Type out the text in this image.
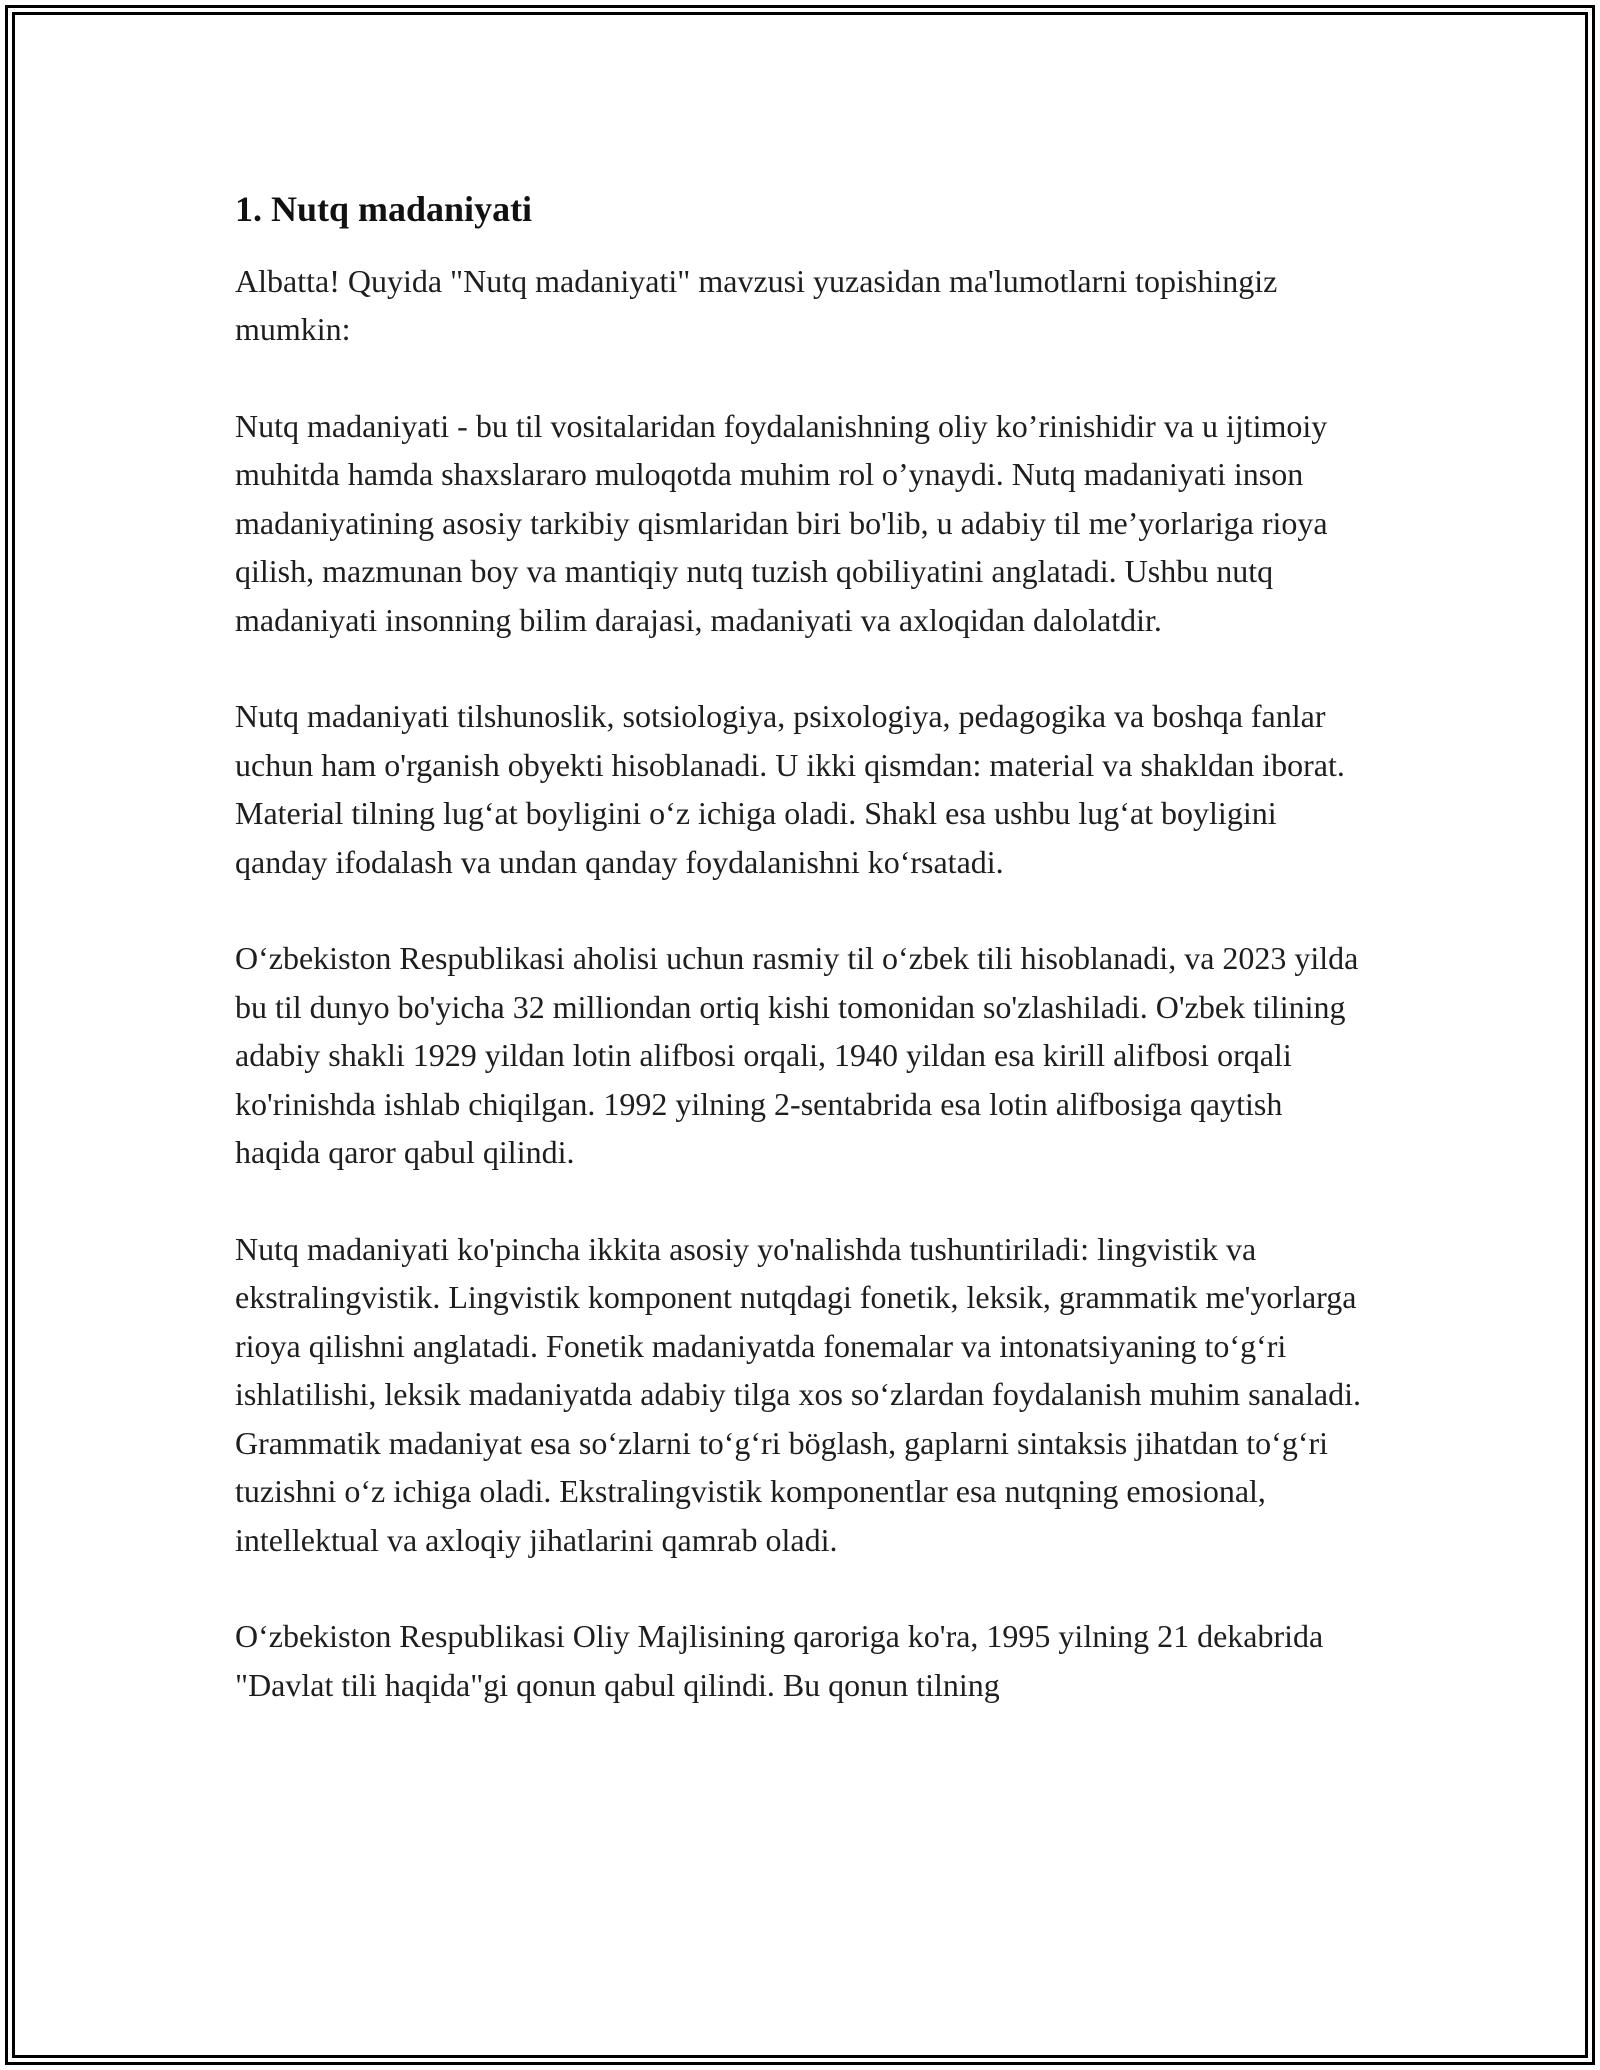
1. Nutq madaniyati

Albatta! Quyida "Nutq madaniyati" mavzusi yuzasidan ma'lumotlarni topishingiz mumkin:

Nutq madaniyati - bu til vositalaridan foydalanishning oliy ko’rinishidir va u ijtimoiy muhitda hamda shaxslararo muloqotda muhim rol o’ynaydi. Nutq madaniyati inson madaniyatining asosiy tarkibiy qismlaridan biri bo'lib, u adabiy til me’yorlariga rioya qilish, mazmunan boy va mantiqiy nutq tuzish qobiliyatini anglatadi. Ushbu nutq madaniyati insonning bilim darajasi, madaniyati va axloqidan dalolatdir.

Nutq madaniyati tilshunoslik, sotsiologiya, psixologiya, pedagogika va boshqa fanlar uchun ham o'rganish obyekti hisoblanadi. U ikki qismdan: material va shakldan iborat. Material tilning lug‘at boyligini o‘z ichiga oladi. Shakl esa ushbu lug‘at boyligini qanday ifodalash va undan qanday foydalanishni ko‘rsatadi.

O‘zbekiston Respublikasi aholisi uchun rasmiy til o‘zbek tili hisoblanadi, va 2023 yilda bu til dunyo bo'yicha 32 milliondan ortiq kishi tomonidan so'zlashiladi. O'zbek tilining adabiy shakli 1929 yildan lotin alifbosi orqali, 1940 yildan esa kirill alifbosi orqali ko'rinishda ishlab chiqilgan. 1992 yilning 2-sentabrida esa lotin alifbosiga qaytish haqida qaror qabul qilindi.

Nutq madaniyati ko'pincha ikkita asosiy yo'nalishda tushuntiriladi: lingvistik va ekstralingvistik. Lingvistik komponent nutqdagi fonetik, leksik, grammatik me'yorlarga rioya qilishni anglatadi. Fonetik madaniyatda fonemalar va intonatsiyaning to‘g‘ri ishlatilishi, leksik madaniyatda adabiy tilga xos so‘zlardan foydalanish muhim sanaladi. Grammatik madaniyat esa so‘zlarni to‘g‘ri böglash, gaplarni sintaksis jihatdan to‘g‘ri tuzishni o‘z ichiga oladi. Ekstralingvistik komponentlar esa nutqning emosional, intellektual va axloqiy jihatlarini qamrab oladi.

O‘zbekiston Respublikasi Oliy Majlisining qaroriga ko'ra, 1995 yilning 21 dekabrida "Davlat tili haqida"gi qonun qabul qilindi. Bu qonun tilning
